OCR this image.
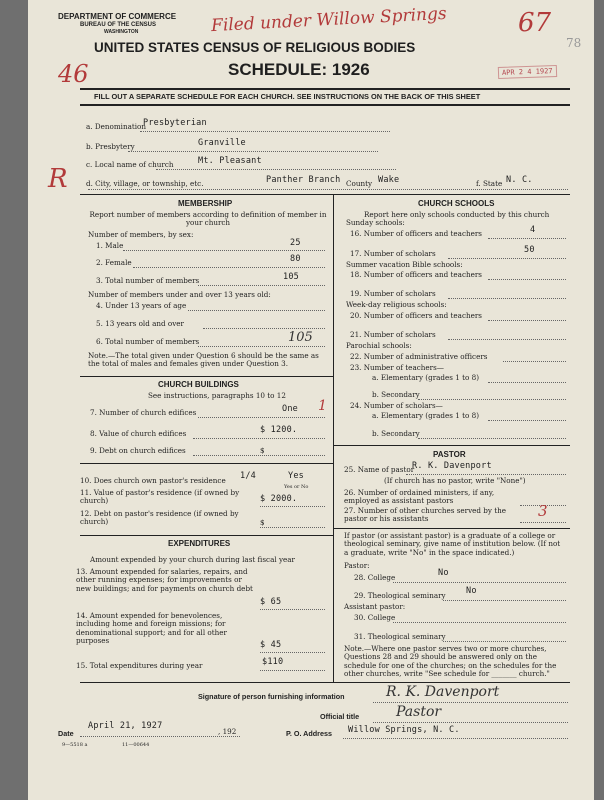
DEPARTMENT OF COMMERCE
BUREAU OF THE CENSUS
WASHINGTON
UNITED STATES CENSUS OF RELIGIOUS BODIES
SCHEDULE: 1926
Filed under Willow Springs
46
67
78
APR 2 4 1927
FILL OUT A SEPARATE SCHEDULE FOR EACH CHURCH. SEE INSTRUCTIONS ON THE BACK OF THIS SHEET
a. Denomination
Presbyterian
b. Presbytery	Granville
c. Local name of church	Mt. Pleasant
R	d. City, village, or township, etc.	Panther Branch County Wake	f. State N. C.
MEMBERSHIP
Report number of members according to definition of member in your church
Number of members, by sex:
1. Male	25
2. Female	80
3. Total number of members	105
Number of members under and over 13 years old:
4. Under 13 years of age
5. 13 years old and over
6. Total number of members	105
Note.—The total given under Question 6 should be the same as the total of males and females given under Question 3.
CHURCH BUILDINGS
See instructions, paragraphs 10 to 12
7. Number of church edifices	One 1
8. Value of church edifices	$ 1200.
9. Debt on church edifices	$
10. Does church own pastor's residence 1/4	Yes
Yes or No
11. Value of pastor's residence (if owned by church)	$ 2000.
12. Debt on pastor's residence (if owned by church)	$
EXPENDITURES
Amount expended by your church during last fiscal year
13. Amount expended for salaries, repairs, and other running expenses; for improvements or new buildings; and for payments on church debt
$ 65
14. Amount expended for benevolences, including home and foreign missions; for denominational support; and for all other purposes	$ 45
15. Total expenditures during year	$110
CHURCH SCHOOLS
Report here only schools conducted by this church
Sunday schools:
16. Number of officers and teachers	4
17. Number of scholars	50
Summer vacation Bible schools:
18. Number of officers and teachers
19. Number of scholars
Week-day religious schools:
20. Number of officers and teachers
21. Number of scholars
Parochial schools:
22. Number of administrative officers
23. Number of teachers—
a. Elementary (grades 1 to 8)
b. Secondary
24. Number of scholars—
a. Elementary (grades 1 to 8)
b. Secondary
PASTOR
25. Name of pastor
R. K. Davenport
(If church has no pastor, write "None")
26. Number of ordained ministers, if any, employed as assistant pastors
27. Number of other churches served by the pastor or his assistants	3
If pastor (or assistant pastor) is a graduate of a college or theological seminary, give name of institution below. (If not a graduate, write "No" in the space indicated.)
Pastor:
28. College	No
29. Theological seminary No
Assistant pastor:
30. College
31. Theological seminary
Note.—Where one pastor serves two or more churches, Questions 28 and 29 should be answered only on the schedule for one of the churches; on the schedules for the other churches, write "See schedule for _______ church."
Signature of person furnishing information	R. K. Davenport
Official title	Pastor
Date
April 21, 1927
, 192	P. O. Address Willow Springs, N. C.
9—5518 a	11—00644
